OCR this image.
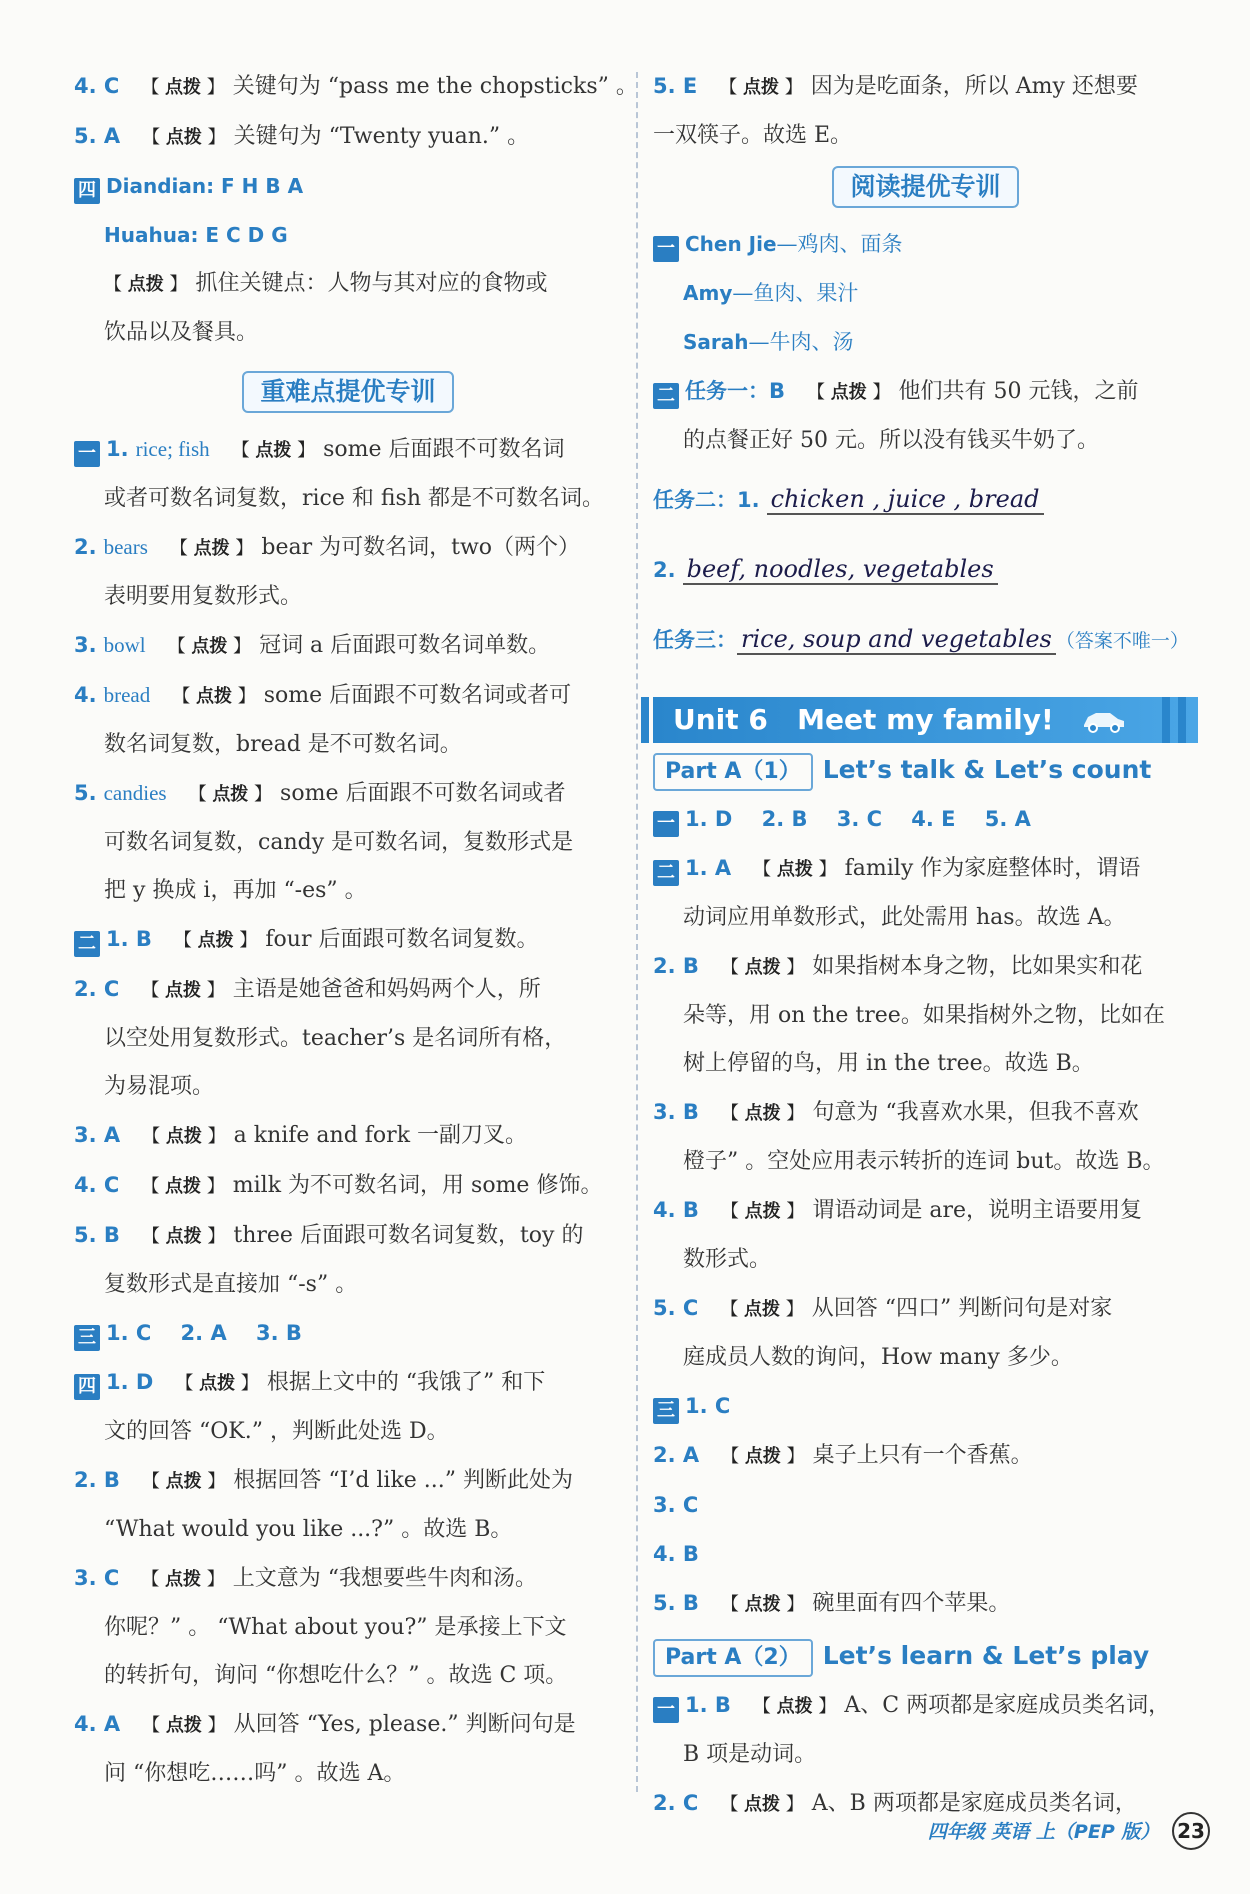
4. C	【 点拨 】 关键句为 “pass me the chopsticks” 。
5. A	【 点拨 】 关键句为 “Twenty yuan.” 。
四 Diandian: F H B A
Huahua: E C D G
【 点拨 】 抓住关键点：人物与其对应的食物或
饮品以及餐具。
重难点提优专训
一 1. rice; fish	【 点拨 】 some 后面跟不可数名词
或者可数名词复数，rice 和 fish 都是不可数名词。
2. bears	【 点拨 】 bear 为可数名词，two（两个）
表明要用复数形式。
3. bowl	【 点拨 】 冠词 a 后面跟可数名词单数。
4. bread	【 点拨 】 some 后面跟不可数名词或者可
数名词复数，bread 是不可数名词。
5. candies	【 点拨 】 some 后面跟不可数名词或者
可数名词复数，candy 是可数名词，复数形式是
把 y 换成 i，再加 “-es” 。
二 1. B	【 点拨 】 four 后面跟可数名词复数。
2. C	【 点拨 】 主语是她爸爸和妈妈两个人，所
以空处用复数形式。teacher’s 是名词所有格，
为易混项。
3. A	【 点拨 】 a knife and fork 一副刀叉。
4. C	【 点拨 】 milk 为不可数名词，用 some 修饰。
5. B	【 点拨 】 three 后面跟可数名词复数，toy 的
复数形式是直接加 “-s” 。
三 1. C    2. A    3. B
四 1. D	【 点拨 】 根据上文中的 “我饿了” 和下
文的回答 “OK.” ，判断此处选 D。
2. B	【 点拨 】 根据回答 “I’d like ...” 判断此处为
“What would you like ...?” 。故选 B。
3. C	【 点拨 】 上文意为 “我想要些牛肉和汤。
你呢？” 。 “What about you?” 是承接上下文
的转折句，询问 “你想吃什么？” 。故选 C 项。
4. A	【 点拨 】 从回答 “Yes, please.” 判断问句是
问 “你想吃……吗” 。故选 A。
5. E	【 点拨 】 因为是吃面条，所以 Amy 还想要
一双筷子。故选 E。
阅读提优专训
一 Chen Jie—鸡肉、面条
Amy—鱼肉、果汁
Sarah—牛肉、汤
二 任务一：B	【 点拨 】 他们共有 50 元钱，之前
的点餐正好 50 元。所以没有钱买牛奶了。
任务二：1. chicken , juice , bread
2. beef, noodles, vegetables
任务三： rice, soup and vegetables （答案不唯一）
Unit 6   Meet my family!
Part A（1） Let’s talk & Let’s count
一 1. D    2. B    3. C    4. E    5. A
二 1. A	【 点拨 】 family 作为家庭整体时，谓语
动词应用单数形式，此处需用 has。故选 A。
2. B	【 点拨 】 如果指树本身之物，比如果实和花
朵等，用 on the tree。如果指树外之物，比如在
树上停留的鸟，用 in the tree。故选 B。
3. B	【 点拨 】 句意为 “我喜欢水果，但我不喜欢
橙子” 。空处应用表示转折的连词 but。故选 B。
4. B	【 点拨 】 谓语动词是 are，说明主语要用复
数形式。
5. C	【 点拨 】 从回答 “四口” 判断问句是对家
庭成员人数的询问，How many 多少。
三 1. C
2. A	【 点拨 】 桌子上只有一个香蕉。
3. C
4. B
5. B	【 点拨 】 碗里面有四个苹果。
Part A（2） Let’s learn & Let’s play
一 1. B	【 点拨 】 A、C 两项都是家庭成员类名词，
B 项是动词。
2. C	【 点拨 】 A、B 两项都是家庭成员类名词，
四年级 英语 上（PEP 版） 23
